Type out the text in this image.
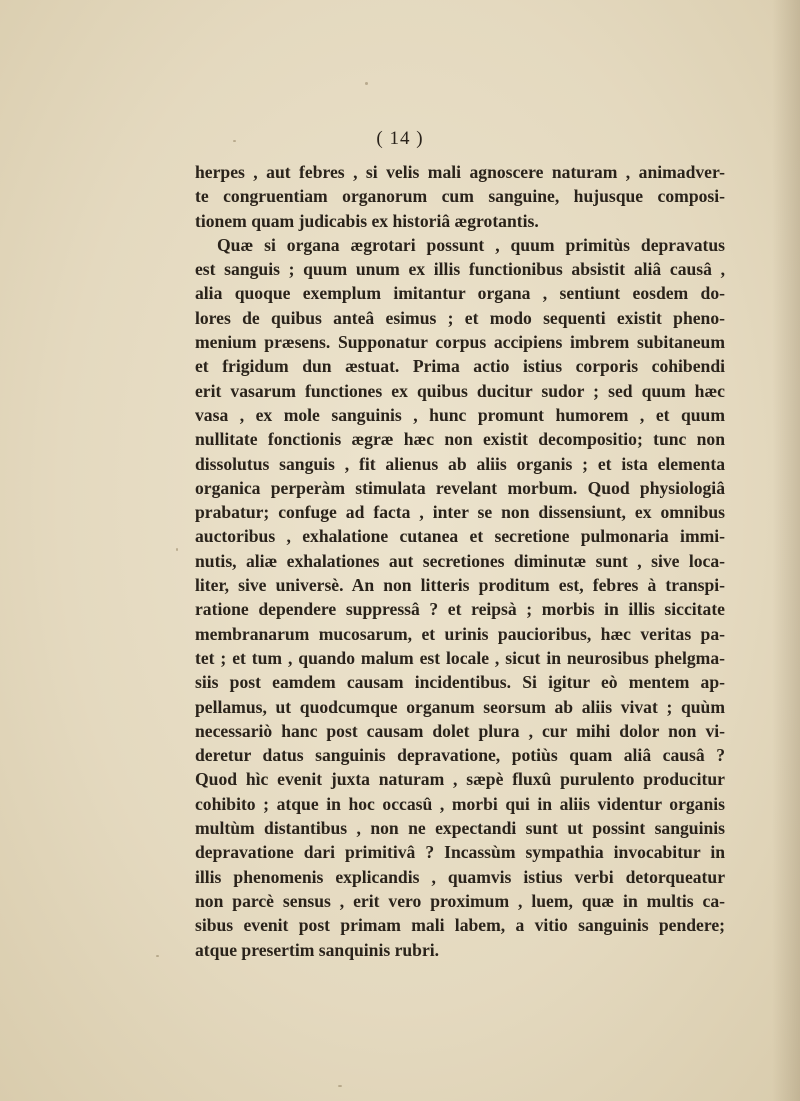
( 14 )
herpes , aut febres , si velis mali agnoscere naturam , animadver-
te congruentiam organorum cum sanguine, hujusque composi-
tionem quam judicabis ex historiâ ægrotantis.
Quæ si organa ægrotari possunt , quum primitùs depravatus
est sanguis ; quum unum ex illis functionibus absistit aliâ causâ ,
alia quoque exemplum imitantur organa , sentiunt eosdem do-
lores de quibus anteâ esimus ; et modo sequenti existit pheno-
menium præsens. Supponatur corpus accipiens imbrem subitaneum
et frigidum dun æstuat. Prima actio istius corporis cohibendi
erit vasarum functiones ex quibus ducitur sudor ; sed quum hæc
vasa , ex mole sanguinis , hunc promunt humorem , et quum
nullitate fonctionis ægræ hæc non existit decompositio; tunc non
dissolutus sanguis , fit alienus ab aliis organis ; et ista elementa
organica perperàm stimulata revelant morbum. Quod physiologiâ
prabatur; confuge ad facta , inter se non dissensiunt, ex omnibus
auctoribus , exhalatione cutanea et secretione pulmonaria immi-
nutis, aliæ exhalationes aut secretiones diminutæ sunt , sive loca-
liter, sive universè. An non litteris proditum est, febres à transpi-
ratione dependere suppressâ ? et reipsà ; morbis in illis siccitate
membranarum mucosarum, et urinis paucioribus, hæc veritas pa-
tet ; et tum , quando malum est locale , sicut in neurosibus phelgma-
siis post eamdem causam incidentibus. Si igitur eò mentem ap-
pellamus, ut quodcumque organum seorsum ab aliis vivat ; quùm
necessariò hanc post causam dolet plura , cur mihi dolor non vi-
deretur datus sanguinis depravatione, potiùs quam aliâ causâ ?
Quod hìc evenit juxta naturam , sæpè fluxû purulento producitur
cohibito ; atque in hoc occasû , morbi qui in aliis videntur organis
multùm distantibus , non ne expectandi sunt ut possint sanguinis
depravatione dari primitivâ ? Incassùm sympathia invocabitur in
illis phenomenis explicandis , quamvis istius verbi detorqueatur
non parcè sensus , erit vero proximum , luem, quæ in multis ca-
sibus evenit post primam mali labem, a vitio sanguinis pendere;
atque presertim sanquinis rubri.
